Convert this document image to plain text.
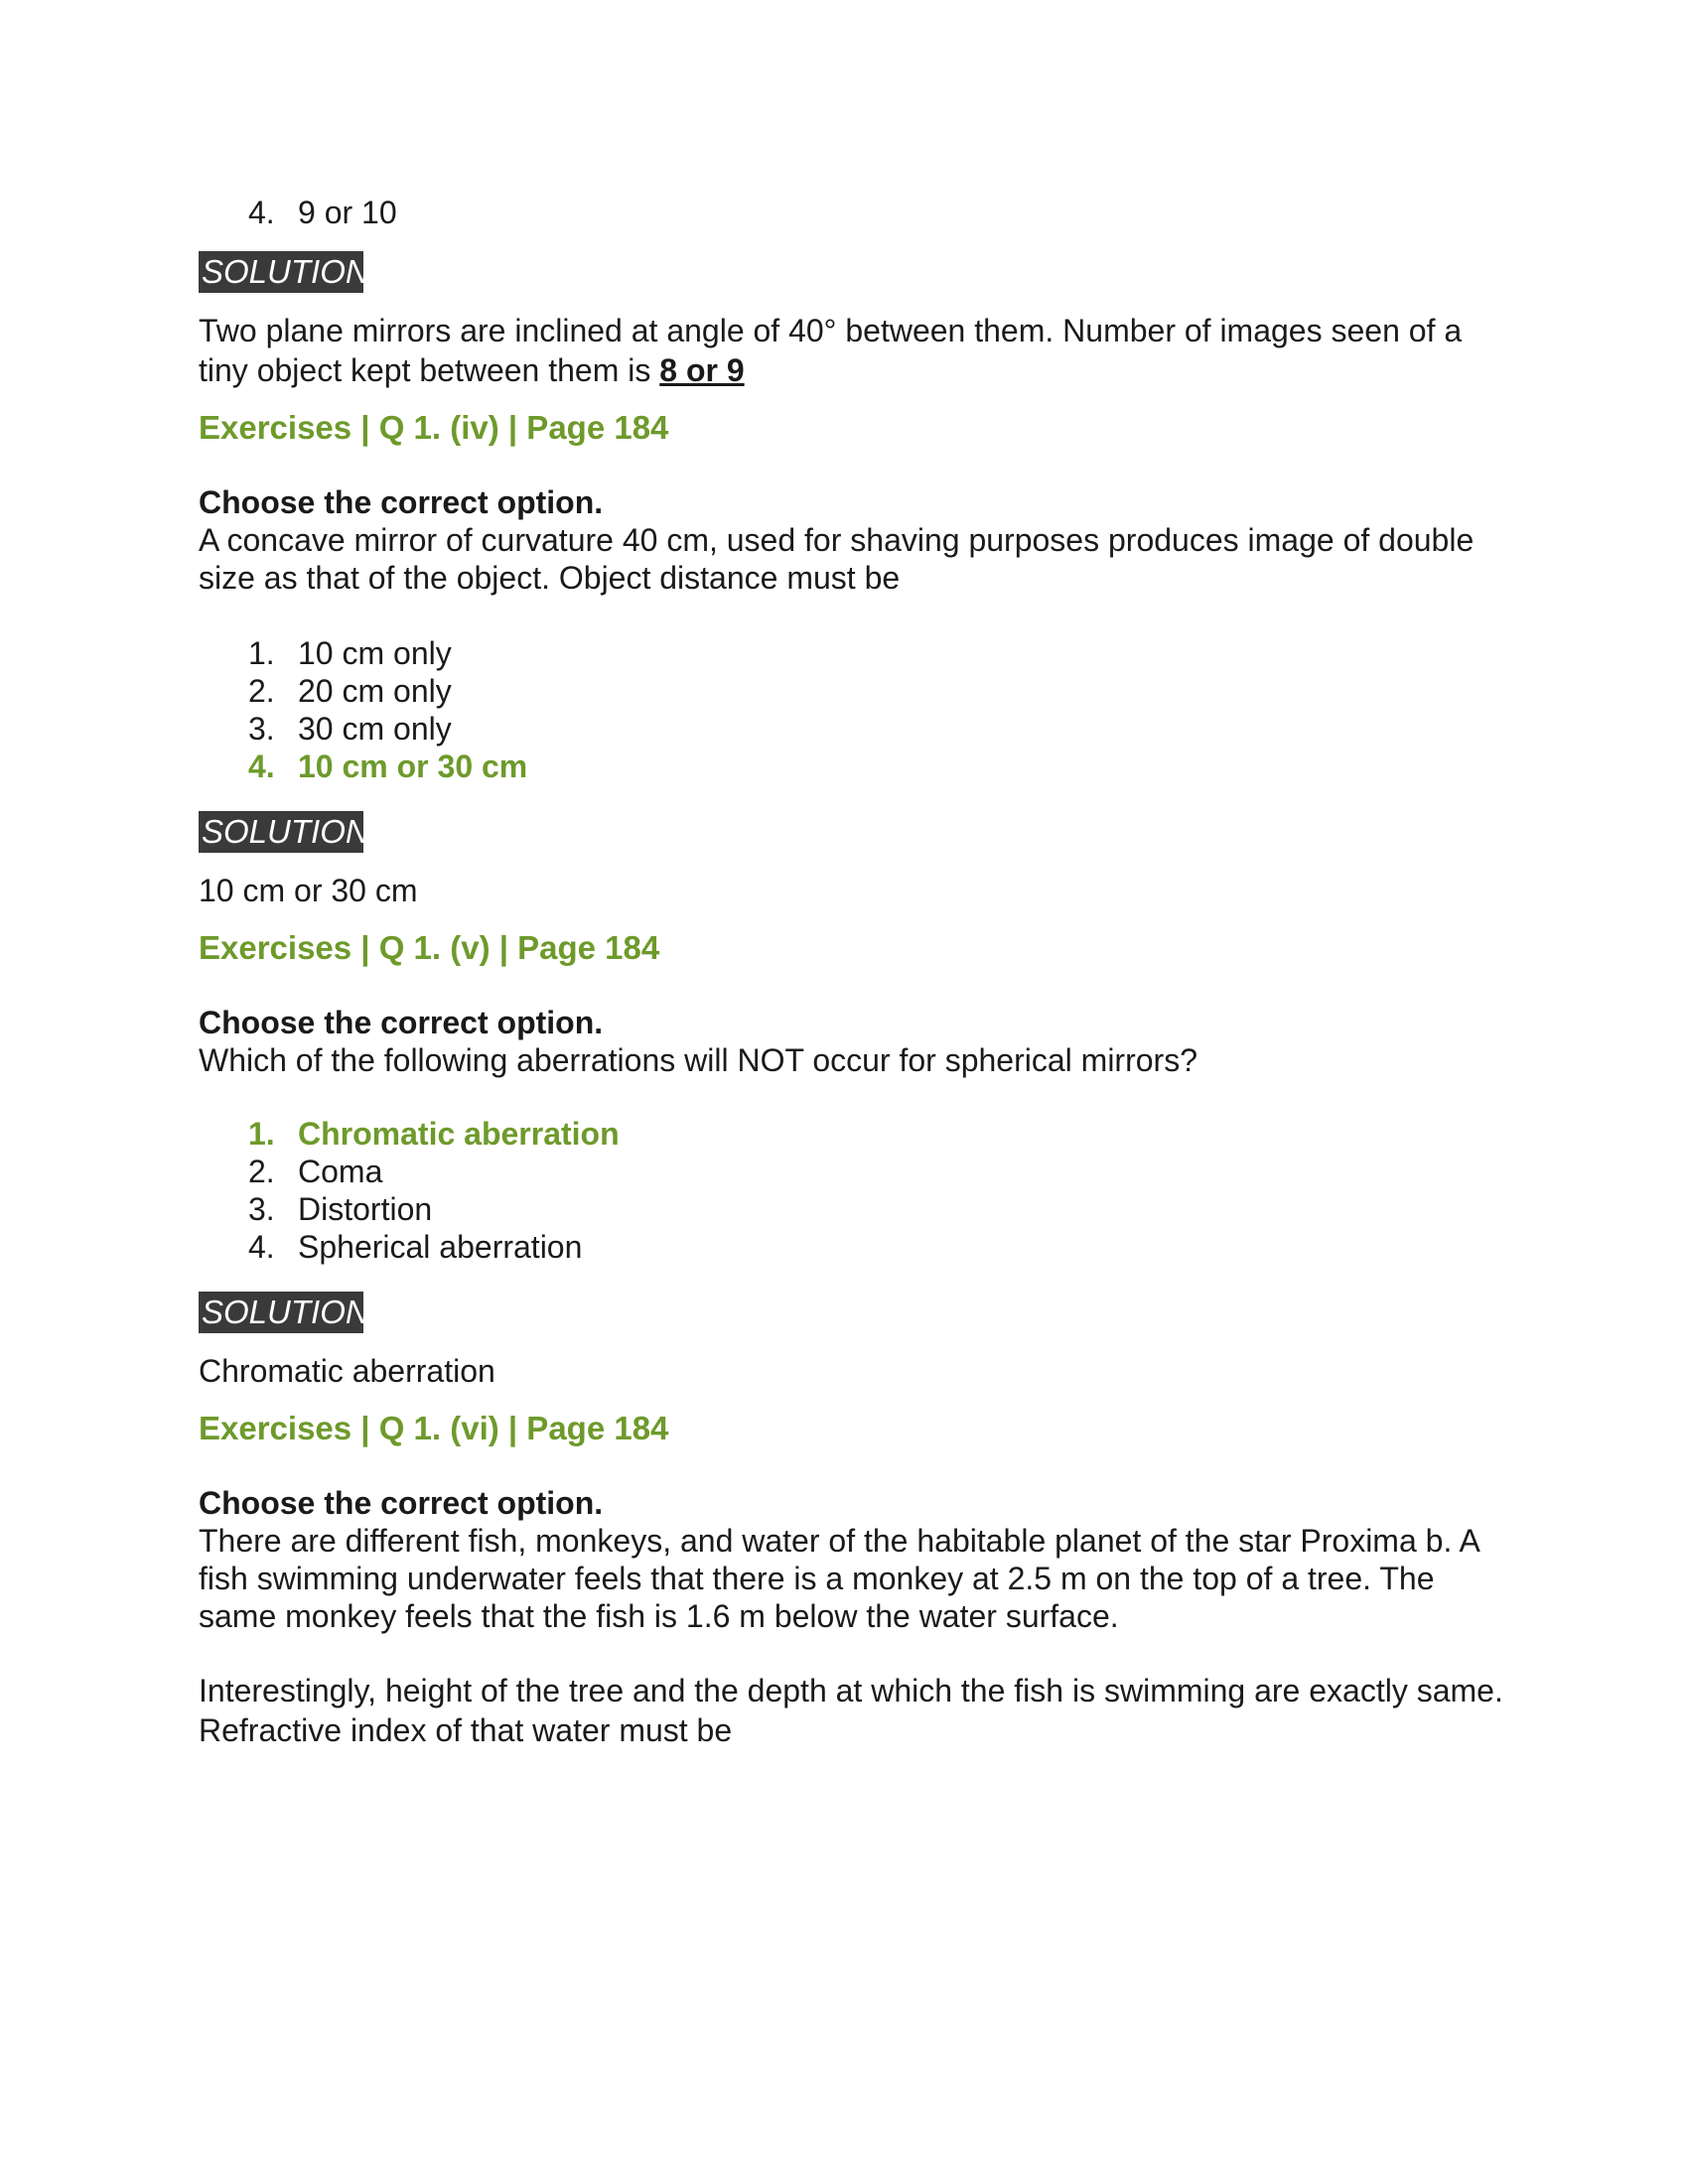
4. 9 or 10
SOLUTION

Two plane mirrors are inclined at angle of 40° between them. Number of images seen of a tiny object kept between them is 8 or 9

Exercises | Q 1. (iv) | Page 184

Choose the correct option.

A concave mirror of curvature 40 cm, used for shaving purposes produces image of double size as that of the object. Object distance must be

1. 10 cm only
2. 20 cm only
3. 30 cm only
4. 10 cm or 30 cm
SOLUTION

10 cm or 30 cm

Exercises | Q 1. (v) | Page 184

Choose the correct option.

Which of the following aberrations will NOT occur for spherical mirrors?

1. Chromatic aberration
2. Coma
3. Distortion
4. Spherical aberration
SOLUTION

Chromatic aberration

Exercises | Q 1. (vi) | Page 184

Choose the correct option.

There are different fish, monkeys, and water of the habitable planet of the star Proxima b. A fish swimming underwater feels that there is a monkey at 2.5 m on the top of a tree. The same monkey feels that the fish is 1.6 m below the water surface.

Interestingly, height of the tree and the depth at which the fish is swimming are exactly same. Refractive index of that water must be
